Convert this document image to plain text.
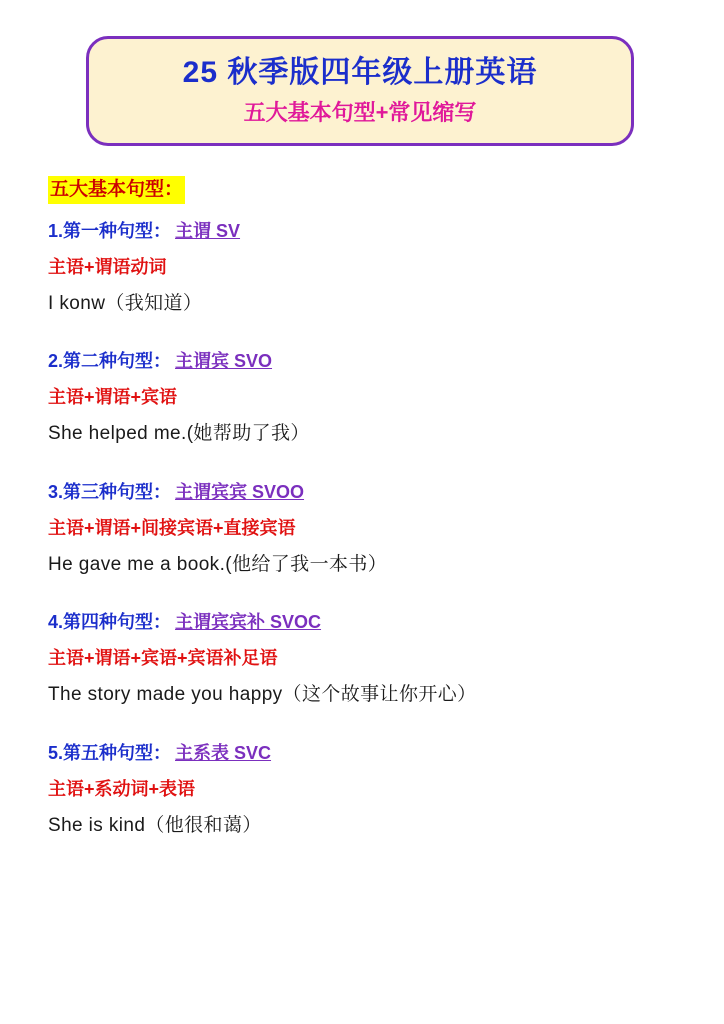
25 秋季版四年级上册英语
五大基本句型+常见缩写
五大基本句型：
1.第一种句型： 主谓 SV
主语+谓语动词
I konw（我知道）
2.第二种句型： 主谓宾 SVO
主语+谓语+宾语
She helped me.(她帮助了我）
3.第三种句型： 主谓宾宾 SVOO
主语+谓语+间接宾语+直接宾语
He gave me a book.(他给了我一本书）
4.第四种句型： 主谓宾宾补 SVOC
主语+谓语+宾语+宾语补足语
The story made you happy（这个故事让你开心）
5.第五种句型： 主系表 SVC
主语+系动词+表语
She is kind（他很和蔼）
